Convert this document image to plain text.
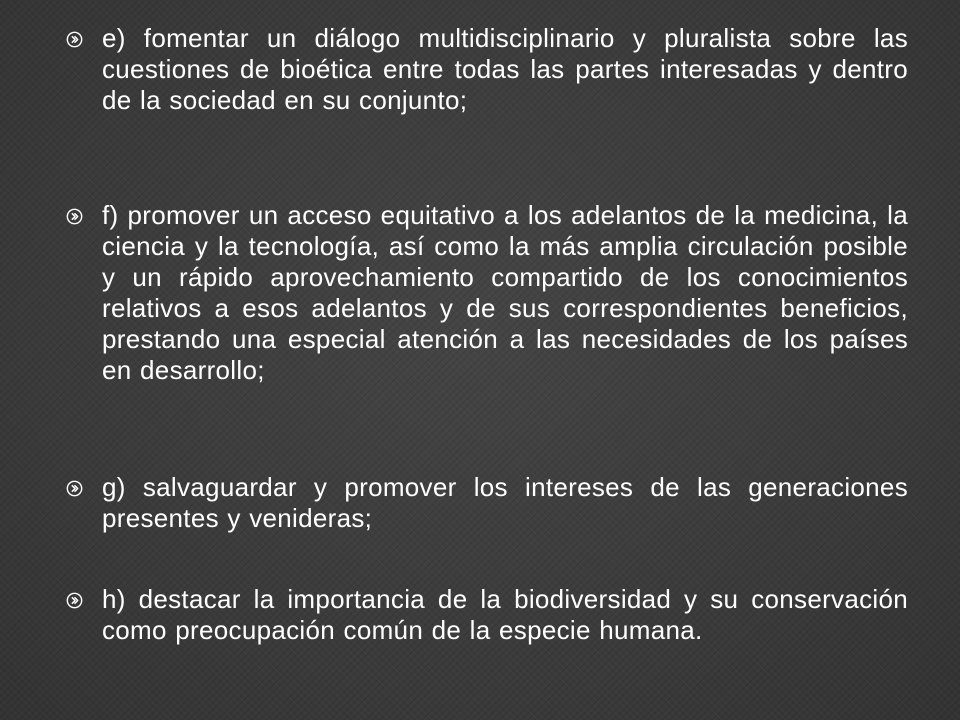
e) fomentar un diálogo multidisciplinario y pluralista sobre las cuestiones de bioética entre todas las partes interesadas y dentro de la sociedad en su conjunto;

f) promover un acceso equitativo a los adelantos de la medicina, la ciencia y la tecnología, así como la más amplia circulación posible y un rápido aprovechamiento compartido de los conocimientos relativos a esos adelantos y de sus correspondientes beneficios, prestando una especial atención a las necesidades de los países en desarrollo;

g) salvaguardar y promover los intereses de las generaciones presentes y venideras;

h) destacar la importancia de la biodiversidad y su conservación como preocupación común de la especie humana.
